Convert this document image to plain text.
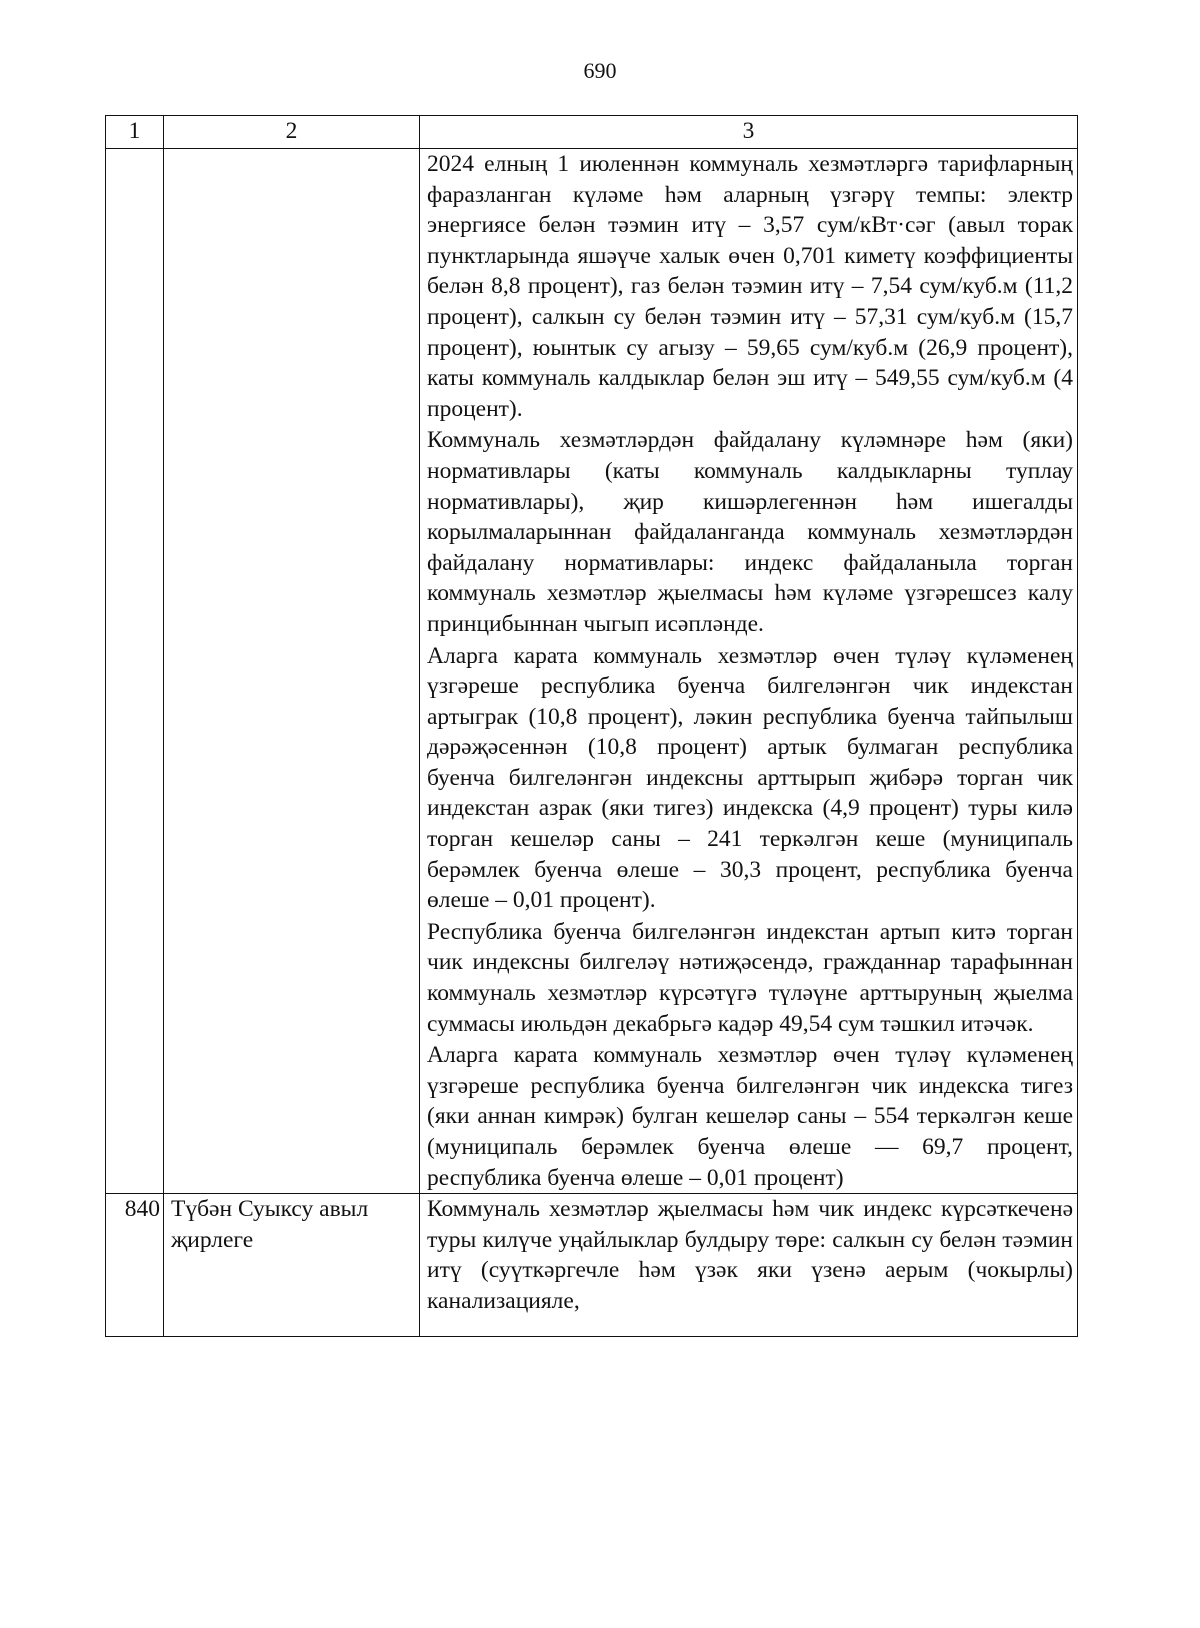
690
1	2	3

		2024 елның 1 июленнән коммуналь хезмәтләргә тарифларның фаразланган күләме һәм аларның үзгәрү темпы: электр энергиясе белән тәэмин итү – 3,57 сум/кВт·сәг (авыл торак пунктларында яшәүче халык өчен 0,701 киметү коэффициенты белән 8,8 процент), газ белән тәэмин итү – 7,54 сум/куб.м (11,2 процент), салкын су белән тәэмин итү – 57,31 сум/куб.м (15,7 процент), юынтык су агызу – 59,65 сум/куб.м (26,9 процент), каты коммуналь калдыклар белән эш итү – 549,55 сум/куб.м (4 процент).

Коммуналь хезмәтләрдән файдалану күләмнәре һәм (яки) нормативлары (каты коммуналь калдыкларны туплау нормативлары), җир кишәрлегеннән һәм ишегалды корылмаларыннан файдаланганда коммуналь хезмәтләрдән файдалану нормативлары: индекс файдаланыла торган коммуналь хезмәтләр җыелмасы һәм күләме үзгәрешсез калу принцибыннан чыгып исәпләнде.

Аларга карата коммуналь хезмәтләр өчен түләү күләменең үзгәреше республика буенча билгеләнгән чик индекстан артыграк (10,8 процент), ләкин республика буенча тайпылыш дәрәҗәсеннән (10,8 процент) артык булмаган республика буенча билгеләнгән индексны арттырып җибәрә торган чик индекстан азрак (яки тигез) индекска (4,9 процент) туры килә торган кешеләр саны – 241 теркәлгән кеше (муниципаль берәмлек буенча өлеше – 30,3 процент, республика буенча өлеше – 0,01 процент).

Республика буенча билгеләнгән индекстан артып китә торган чик индексны билгеләү нәтиҗәсендә, гражданнар тарафыннан коммуналь хезмәтләр күрсәтүгә түләүне арттыруның җыелма суммасы июльдән декабрьгә кадәр 49,54 сум тәшкил итәчәк.

Аларга карата коммуналь хезмәтләр өчен түләү күләменең үзгәреше республика буенча билгеләнгән чик индекска тигез (яки аннан кимрәк) булган кешеләр саны – 554 теркәлгән кеше (муниципаль берәмлек буенча өлеше — 69,7 процент, республика буенча өлеше – 0,01 процент)

840	Түбән Суыксу авыл җирлеге	Коммуналь хезмәтләр җыелмасы һәм чик индекс күрсәткеченә туры килүче уңайлыклар булдыру төре: салкын су белән тәэмин итү (суүткәргечле һәм үзәк яки үзенә аерым (чокырлы) канализацияле,
